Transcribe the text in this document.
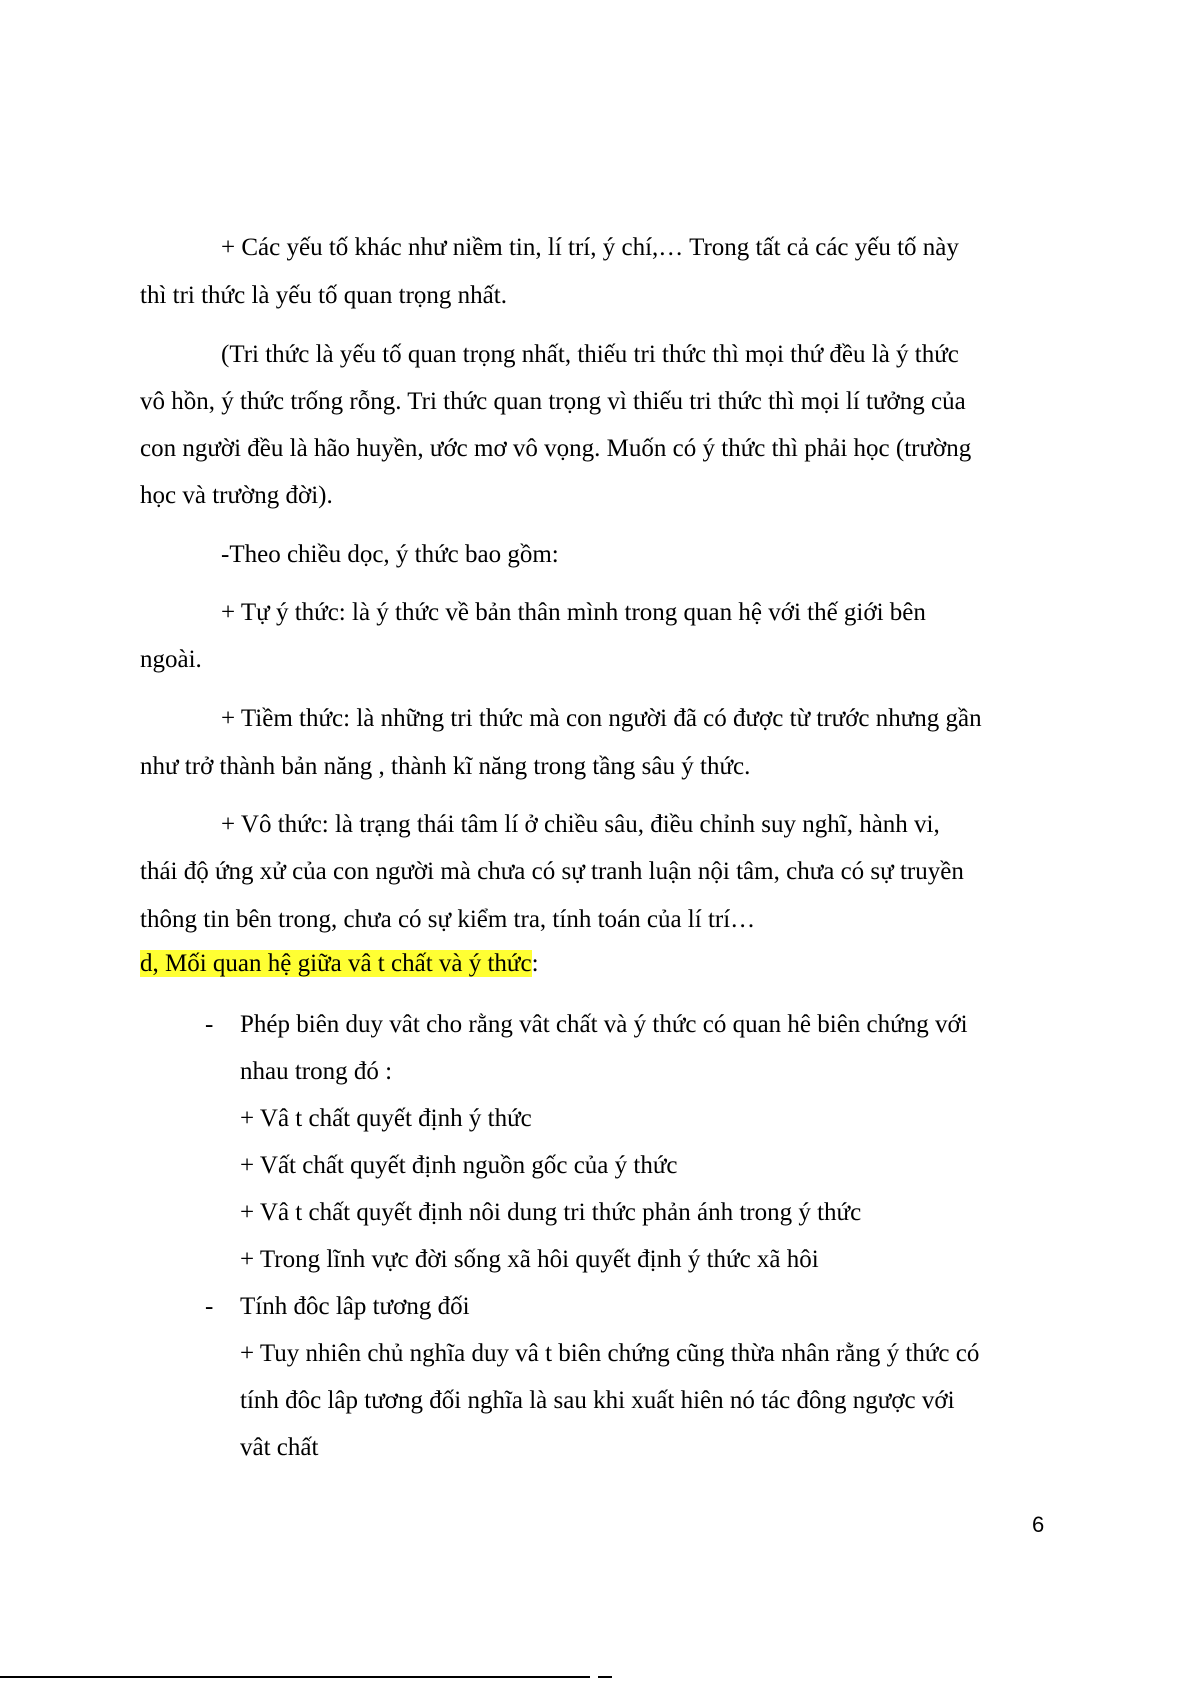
+ Các yếu tố khác như niềm tin, lí trí, ý chí,… Trong tất cả các yếu tố này
thì tri thức là yếu tố quan trọng nhất.
(Tri thức là yếu tố quan trọng nhất, thiếu tri thức thì mọi thứ đều là ý thức
vô hồn, ý thức trống rỗng. Tri thức quan trọng vì thiếu tri thức thì mọi lí tưởng của
con người đều là hão huyền, ước mơ vô vọng. Muốn có ý thức thì phải học (trường
học và trường đời).
-Theo chiều dọc, ý thức bao gồm:
+ Tự ý thức: là ý thức về bản thân mình trong quan hệ với thế giới bên
ngoài.
+ Tiềm thức: là những tri thức mà con người đã có được từ trước nhưng gần
như trở thành bản năng , thành kĩ năng trong tầng sâu ý thức.
+ Vô thức: là trạng thái tâm lí ở chiều sâu, điều chỉnh suy nghĩ, hành vi,
thái độ ứng xử của con người mà chưa có sự tranh luận nội tâm, chưa có sự truyền
thông tin bên trong, chưa có sự kiểm tra, tính toán của lí trí…
d, Mối quan hệ giữa vâ t chất và ý thức:
- Phép biên duy vât cho rằng vât chất và ý thức có quan hê biên chứng với
nhau trong đó :
+ Vâ t chất quyết định ý thức
+ Vất chất quyết định nguồn gốc của ý thức
+ Vâ t chất quyết định nôi dung tri thức phản ánh trong ý thức
+ Trong lĩnh vực đời sống xã hôi quyết định ý thức xã hôi
- Tính đôc lâp tương đối
+ Tuy nhiên chủ nghĩa duy vâ t biên chứng cũng thừa nhân rằng ý thức có
tính đôc lâp tương đối nghĩa là sau khi xuất hiên nó tác đông ngược với
vât chất
6
